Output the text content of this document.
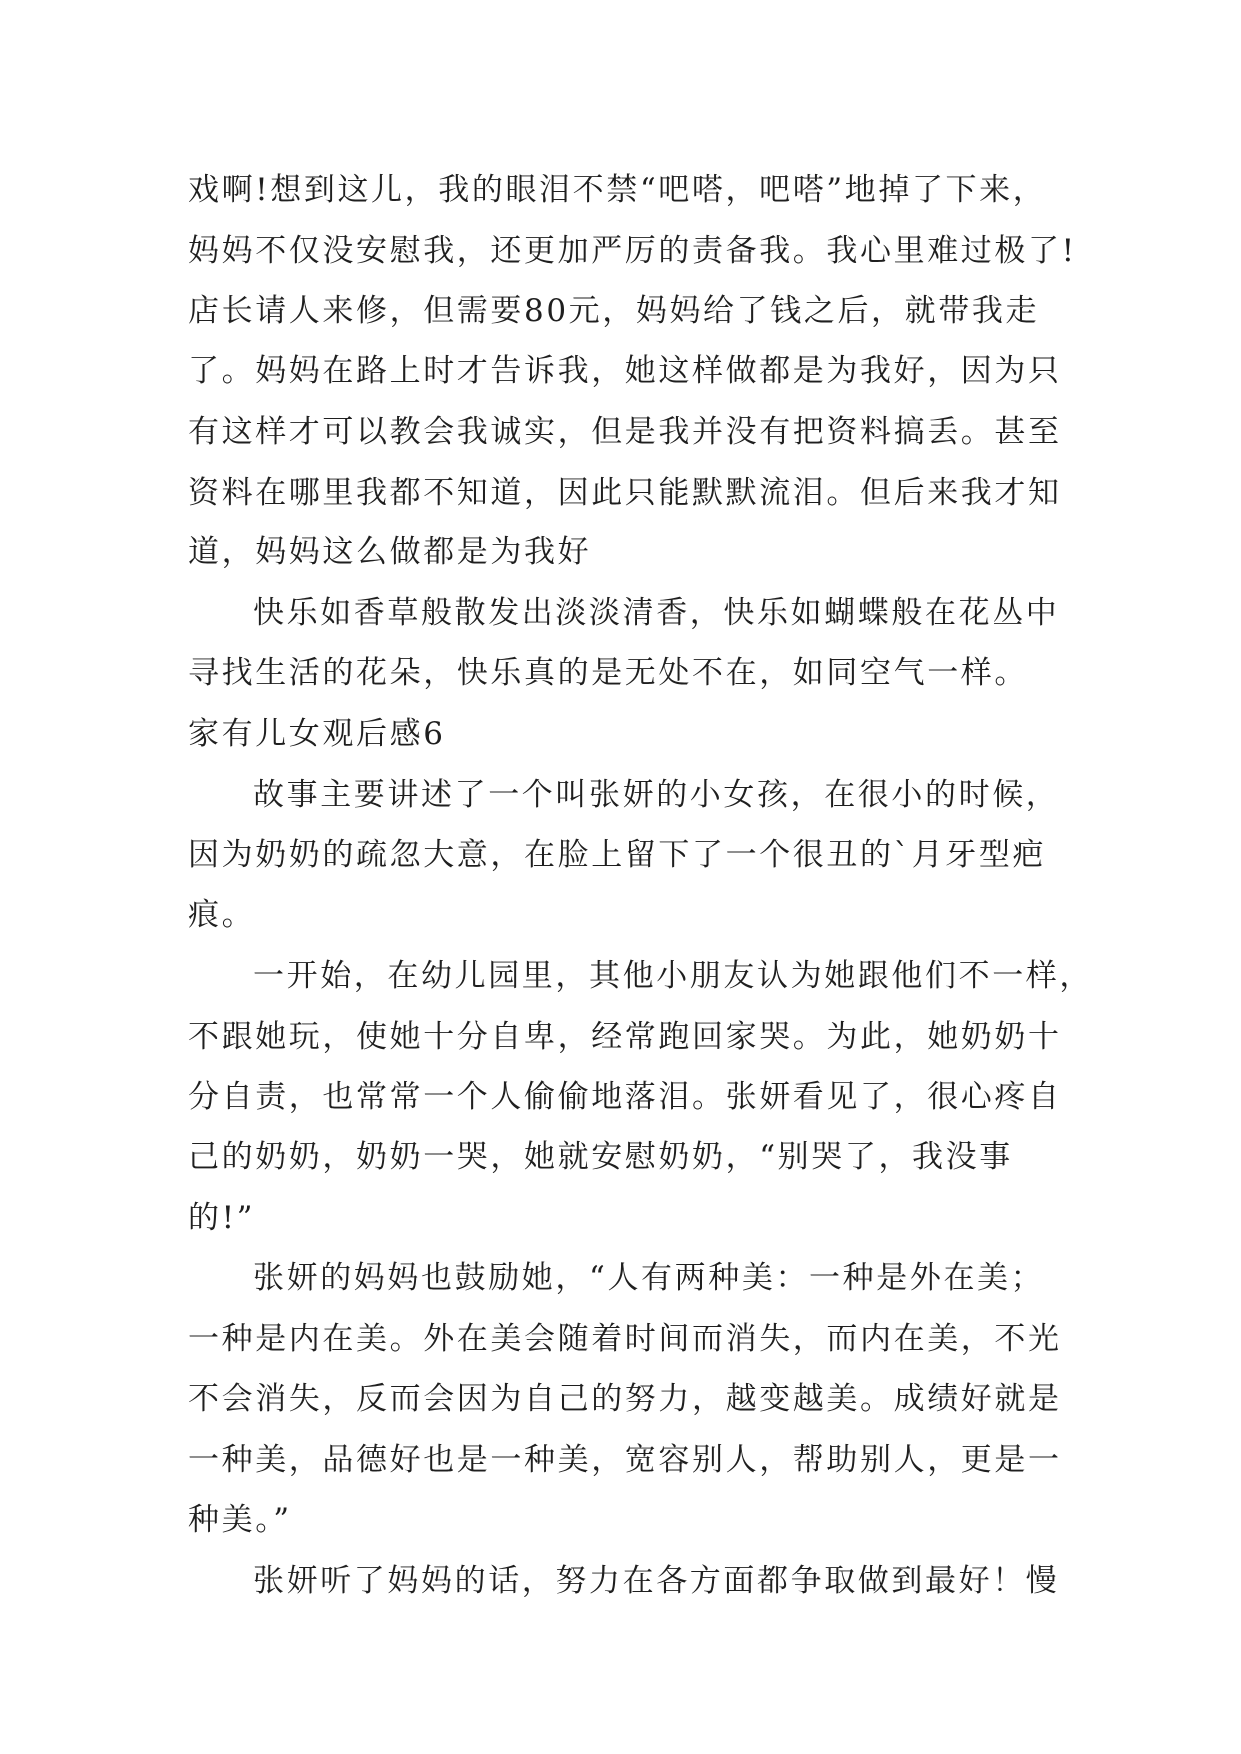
戏啊!想到这儿，我的眼泪不禁“吧嗒，吧嗒”地掉了下来，
妈妈不仅没安慰我，还更加严厉的责备我。我心里难过极了!
店长请人来修，但需要80元，妈妈给了钱之后，就带我走
了。妈妈在路上时才告诉我，她这样做都是为我好，因为只
有这样才可以教会我诚实，但是我并没有把资料搞丢。甚至
资料在哪里我都不知道，因此只能默默流泪。但后来我才知
道，妈妈这么做都是为我好
快乐如香草般散发出淡淡清香，快乐如蝴蝶般在花丛中
寻找生活的花朵，快乐真的是无处不在，如同空气一样。
家有儿女观后感6
故事主要讲述了一个叫张妍的小女孩，在很小的时候，
因为奶奶的疏忽大意，在脸上留下了一个很丑的`月牙型疤
痕。
一开始，在幼儿园里，其他小朋友认为她跟他们不一样，
不跟她玩，使她十分自卑，经常跑回家哭。为此，她奶奶十
分自责，也常常一个人偷偷地落泪。张妍看见了，很心疼自
己的奶奶，奶奶一哭，她就安慰奶奶，“别哭了，我没事
的!”
张妍的妈妈也鼓励她，“人有两种美：一种是外在美；
一种是内在美。外在美会随着时间而消失，而内在美，不光
不会消失，反而会因为自己的努力，越变越美。成绩好就是
一种美，品德好也是一种美，宽容别人，帮助别人，更是一
种美。”
张妍听了妈妈的话，努力在各方面都争取做到最好！慢
